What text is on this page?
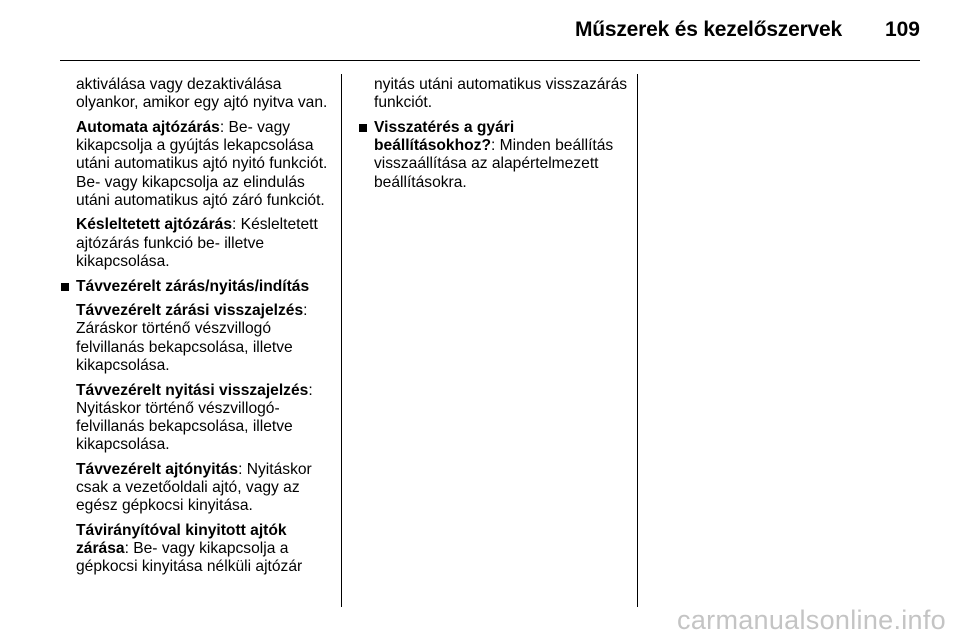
Műszerek és kezelőszervek 109

aktiválása vagy dezaktiválása olyankor, amikor egy ajtó nyitva van.

Automata ajtózárás: Be- vagy kikapcsolja a gyújtás lekapcsolása utáni automatikus ajtó nyitó funkciót. Be- vagy kikapcsolja az elindulás utáni automatikus ajtó záró funkciót.

Késleltetett ajtózárás: Késleltetett ajtózárás funkció be- illetve kikapcsolása.

Távvezérelt zárás/nyitás/indítás

Távvezérelt zárási visszajelzés: Záráskor történő vészvillogó felvillanás bekapcsolása, illetve kikapcsolása.

Távvezérelt nyitási visszajelzés: Nyitáskor történő vészvillogó-felvillanás bekapcsolása, illetve kikapcsolása.

Távvezérelt ajtónyitás: Nyitáskor csak a vezetőoldali ajtó, vagy az egész gépkocsi kinyitása.

Távirányítóval kinyitott ajtók zárása: Be- vagy kikapcsolja a gépkocsi kinyitása nélküli ajtózár

nyitás utáni automatikus visszazárás funkciót.

Visszatérés a gyári beállításokhoz?: Minden beállítás visszaállítása az alapértelmezett beállításokra.
carmanualsonline.info
